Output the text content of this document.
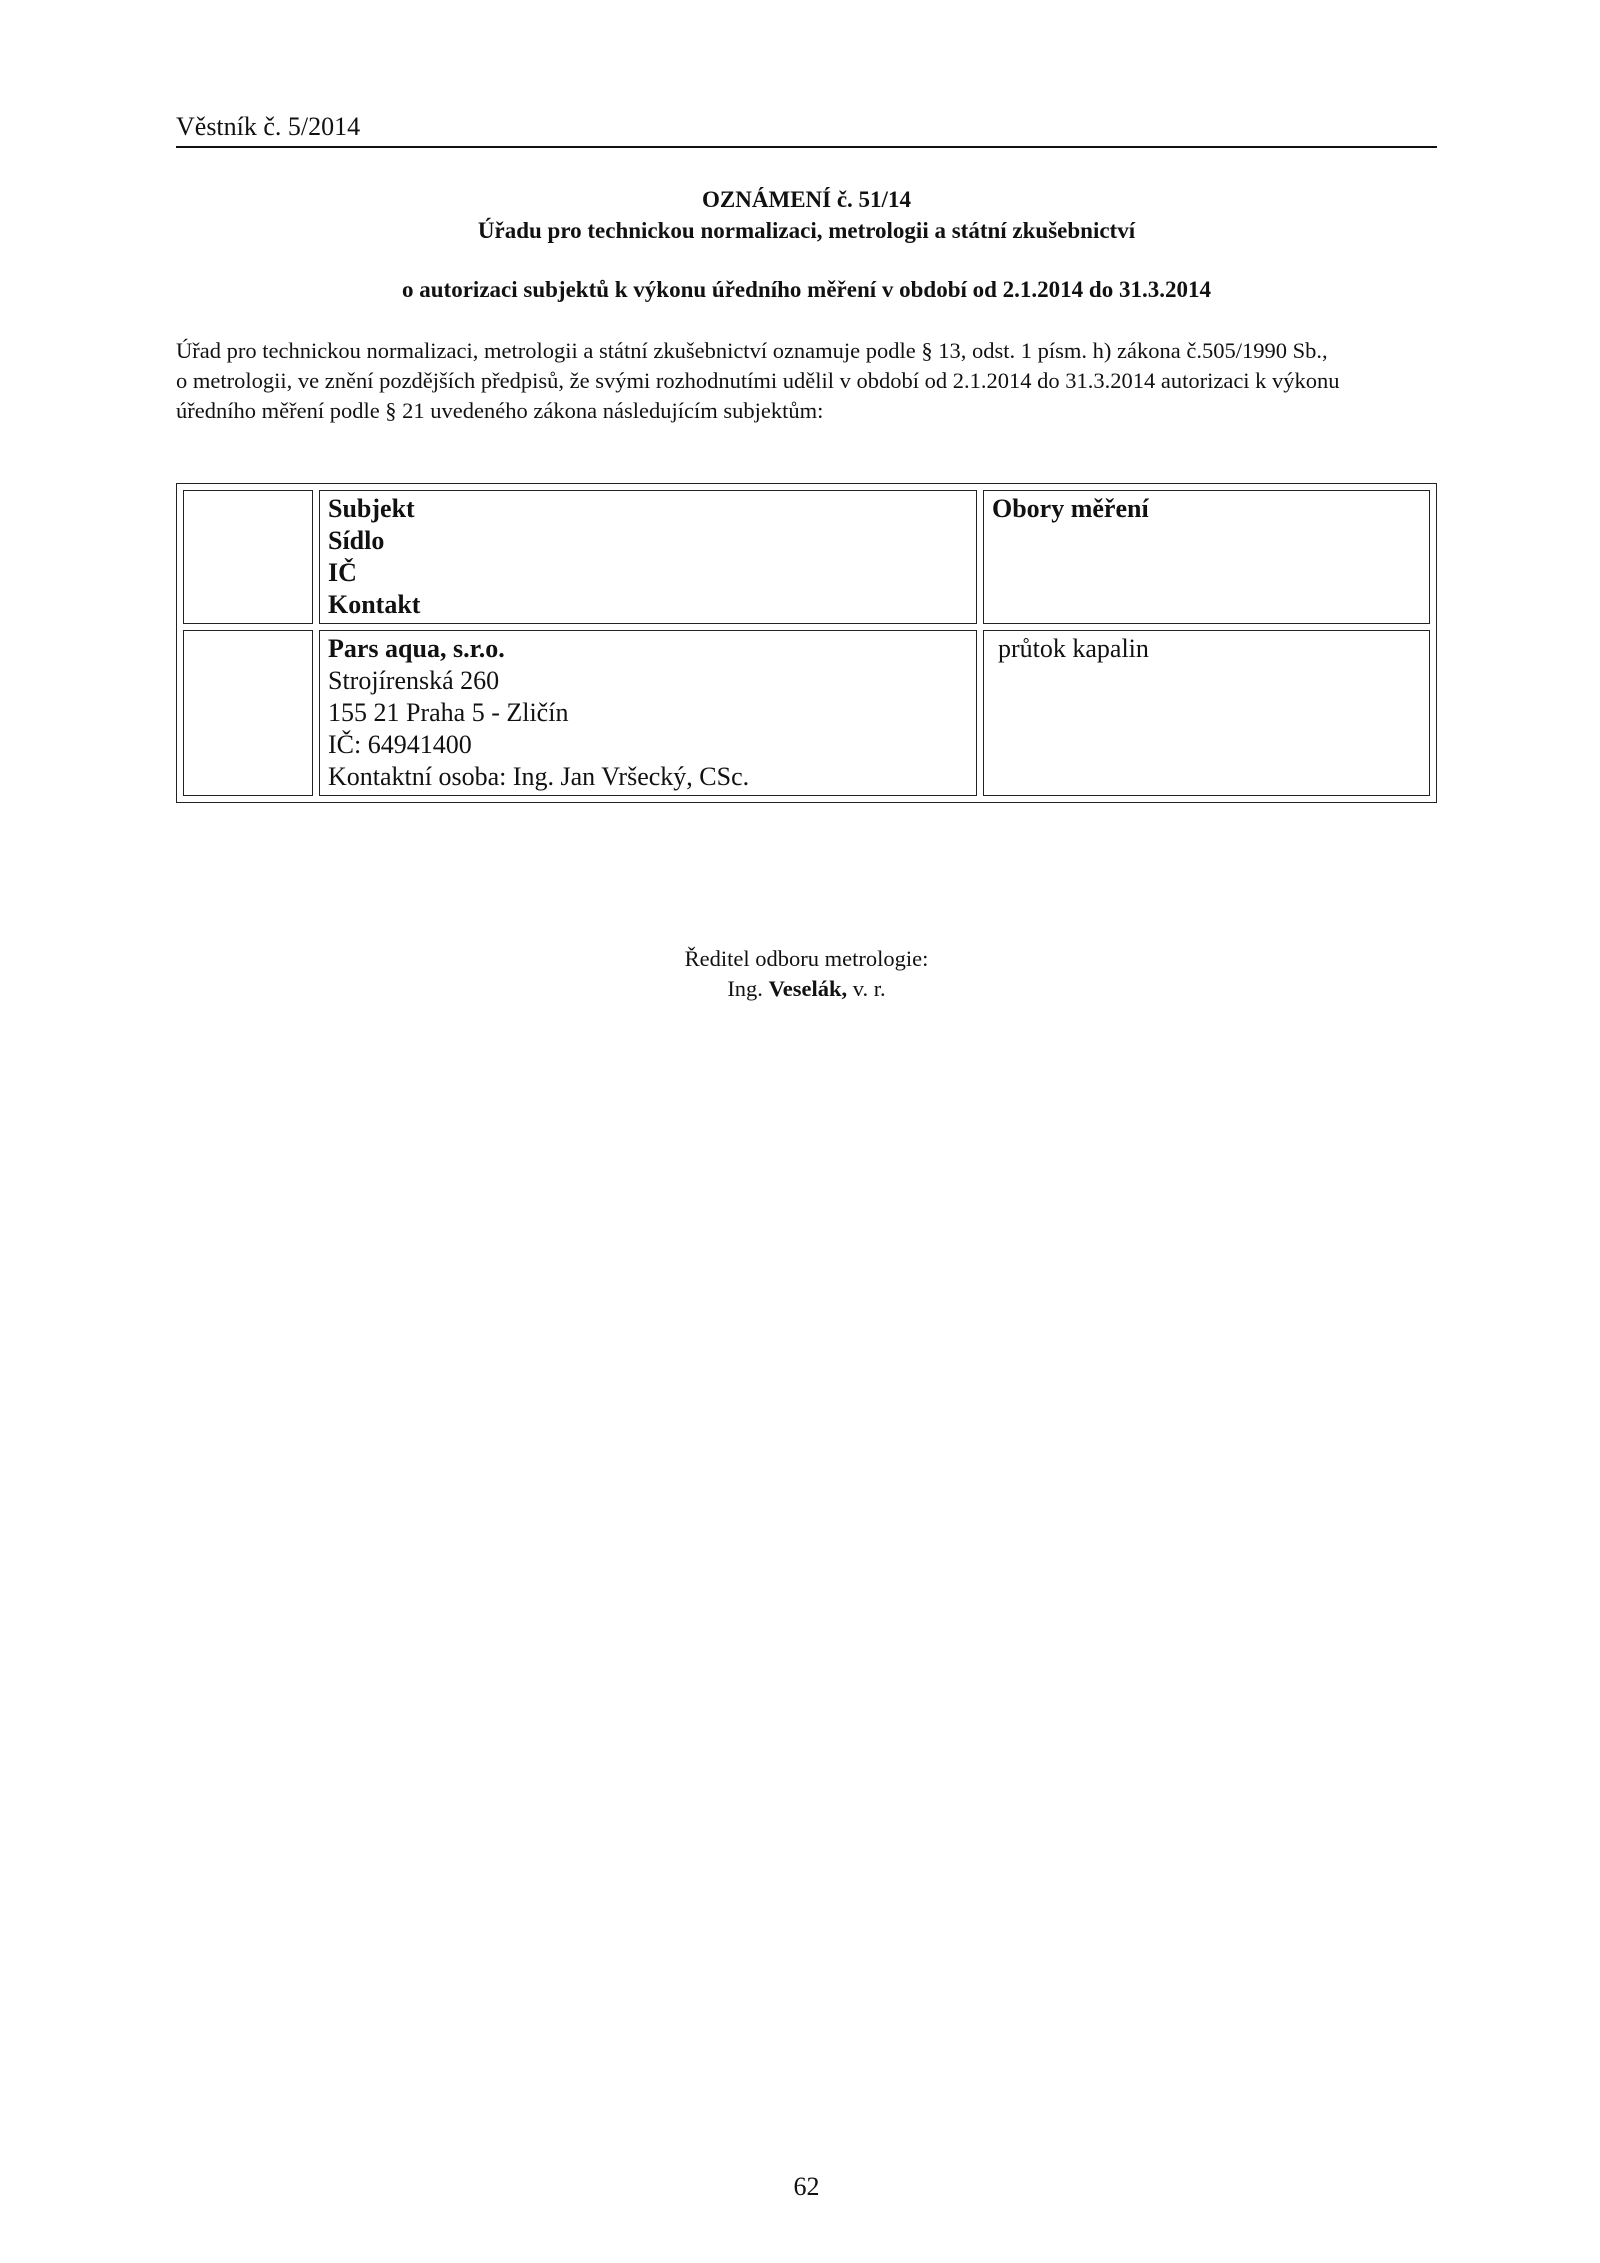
Věstník č. 5/2014
OZNÁMENÍ č. 51/14
Úřadu pro technickou normalizaci, metrologii a státní zkušebnictví
o autorizaci subjektů k výkonu úředního měření v období od 2.1.2014 do 31.3.2014

Úřad pro technickou normalizaci, metrologii a státní zkušebnictví oznamuje podle § 13, odst. 1 písm. h) zákona č.505/1990 Sb.,

o metrologii, ve znění pozdějších předpisů, že svými rozhodnutími udělil v období od 2.1.2014 do 31.3.2014 autorizaci k výkonu

úředního měření podle § 21 uvedeného zákona následujícím subjektům:

	Subjekt
Sídlo
IČ
Kontakt	Obory měření

	Pars aqua, s.r.o.
Strojírenská 260
155 21 Praha 5 - Zličín
IČ: 64941400
Kontaktní osoba: Ing. Jan Vršecký, CSc.	průtok kapalin
Ředitel odboru metrologie:
Ing. Veselák, v. r.
62
